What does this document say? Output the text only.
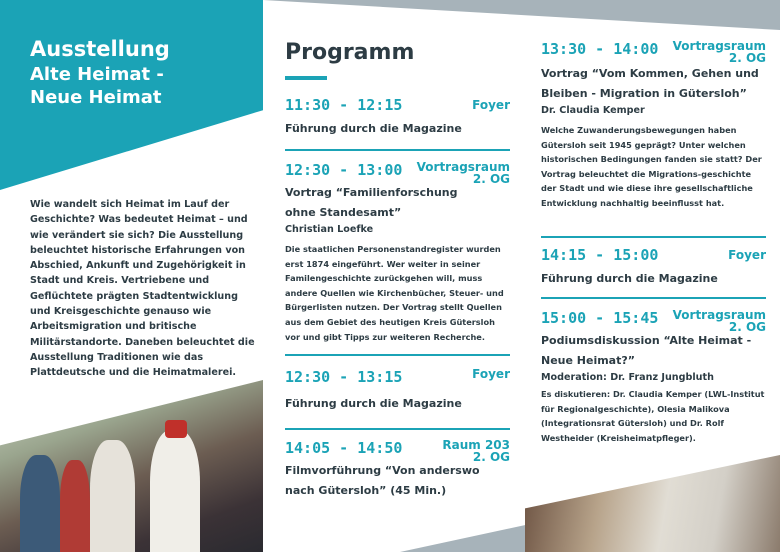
Ausstellung
Alte Heimat -
Neue Heimat

Wie wandelt sich Heimat im Lauf der Geschichte? Was bedeutet Heimat – und wie verändert sie sich? Die Ausstellung beleuchtet historische Erfahrungen von Abschied, Ankunft und Zugehörigkeit in Stadt und Kreis. Vertriebene und Geflüchtete prägten Stadtentwicklung und Kreisgeschichte genauso wie Arbeitsmigration und britische Militärstandorte. Daneben beleuchtet die Ausstellung Traditionen wie das Plattdeutsche und die Heimatmalerei.

Programm
11:30 - 12:15	Foyer
Führung durch die Magazine
12:30 - 13:00	Vortragsraum 2. OG
Vortrag “Familienforschung ohne Standesamt”
Christian Loefke
Die staatlichen Personenstandregister wurden erst 1874 eingeführt. Wer weiter in seiner Familengeschichte zurückgehen will, muss andere Quellen wie Kirchenbücher, Steuer- und Bürgerlisten nutzen. Der Vortrag stellt Quellen aus dem Gebiet des heutigen Kreis Gütersloh vor und gibt Tipps zur weiteren Recherche.
12:30 - 13:15	Foyer
Führung durch die Magazine
14:05 - 14:50	Raum 203 2. OG
Filmvorführung “Von anderswo nach Gütersloh” (45 Min.)
13:30 - 14:00	Vortragsraum 2. OG
Vortrag “Vom Kommen, Gehen und Bleiben - Migration in Gütersloh”
Dr. Claudia Kemper
Welche Zuwanderungsbewegungen haben Gütersloh seit 1945 geprägt? Unter welchen historischen Bedingungen fanden sie statt? Der Vortrag beleuchtet die Migrations-geschichte der Stadt und wie diese ihre gesellschaftliche Entwicklung nachhaltig beeinflusst hat.
14:15 - 15:00	Foyer
Führung durch die Magazine
15:00 - 15:45	Vortragsraum 2. OG
Podiumsdiskussion “Alte Heimat - Neue Heimat?”
Moderation: Dr. Franz Jungbluth
Es diskutieren: Dr. Claudia Kemper (LWL-Institut für Regionalgeschichte), Olesia Malikova (Integrationsrat Gütersloh) und Dr. Rolf Westheider (Kreisheimatpfleger).
